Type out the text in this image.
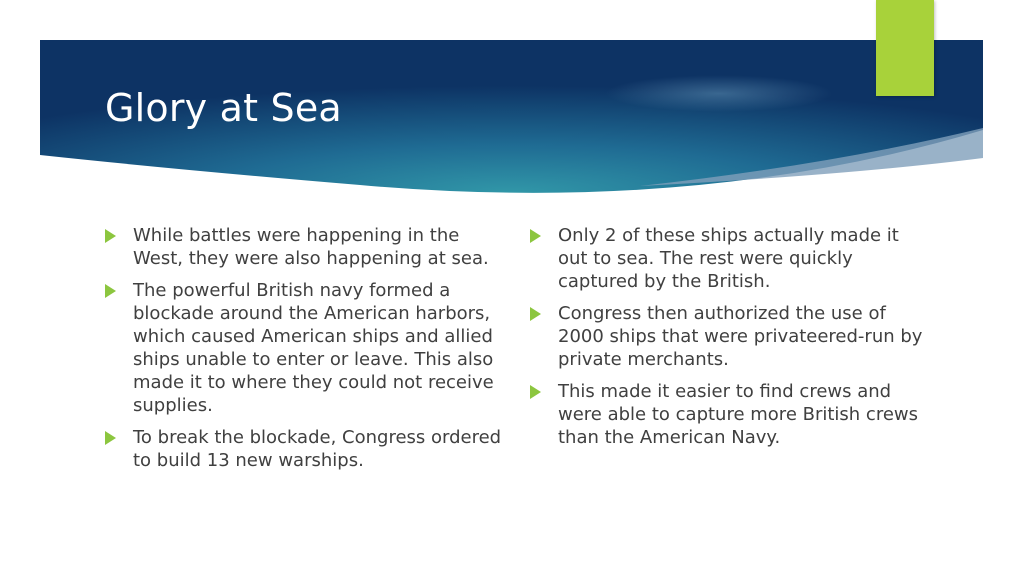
Glory at Sea
While battles were happening in the West, they were also happening at sea.
The powerful British navy formed a blockade around the American harbors, which caused American ships and allied ships unable to enter or leave. This also made it to where they could not receive supplies.
To break the blockade, Congress ordered to build 13 new warships.
Only 2 of these ships actually made it out to sea. The rest were quickly captured by the British.
Congress then authorized the use of 2000 ships that were privateered-run by private merchants.
This made it easier to find crews and were able to capture more British crews than the American Navy.
